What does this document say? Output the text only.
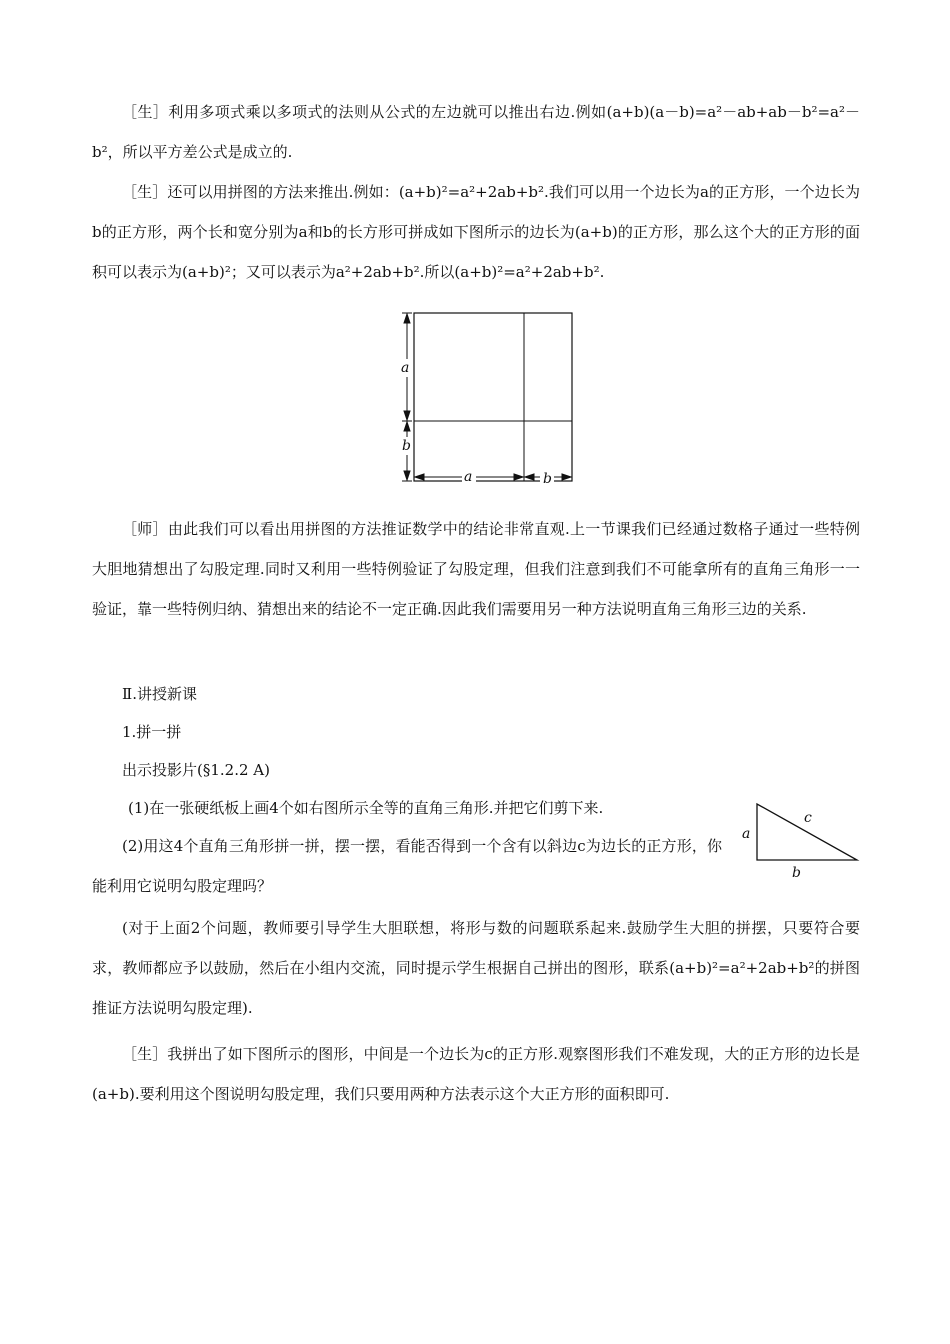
［生］利用多项式乘以多项式的法则从公式的左边就可以推出右边.例如(a+b)(a－b)=a²－ab+ab－b²=a²－b²，所以平方差公式是成立的.

［生］还可以用拼图的方法来推出.例如：(a+b)²=a²+2ab+b².我们可以用一个边长为a的正方形，一个边长为b的正方形，两个长和宽分别为a和b的长方形可拼成如下图所示的边长为(a+b)的正方形，那么这个大的正方形的面积可以表示为(a+b)²；又可以表示为a²+2ab+b².所以(a+b)²=a²+2ab+b².

a
b
a	b

［师］由此我们可以看出用拼图的方法推证数学中的结论非常直观.上一节课我们已经通过数格子通过一些特例大胆地猜想出了勾股定理.同时又利用一些特例验证了勾股定理，但我们注意到我们不可能拿所有的直角三角形一一验证，靠一些特例归纳、猜想出来的结论不一定正确.因此我们需要用另一种方法说明直角三角形三边的关系.

Ⅱ.讲授新课

1.拼一拼

出示投影片(§1.2.2 A)

(1)在一张硬纸板上画4个如右图所示全等的直角三角形.并把它们剪下来.

(2)用这4个直角三角形拼一拼，摆一摆，看能否得到一个含有以斜边c为边长的正方形，你能利用它说明勾股定理吗？

a
c
b

(对于上面2个问题，教师要引导学生大胆联想，将形与数的问题联系起来.鼓励学生大胆的拼摆，只要符合要求，教师都应予以鼓励，然后在小组内交流，同时提示学生根据自己拼出的图形，联系(a+b)²=a²+2ab+b²的拼图推证方法说明勾股定理).

［生］我拼出了如下图所示的图形，中间是一个边长为c的正方形.观察图形我们不难发现，大的正方形的边长是(a+b).要利用这个图说明勾股定理，我们只要用两种方法表示这个大正方形的面积即可.
